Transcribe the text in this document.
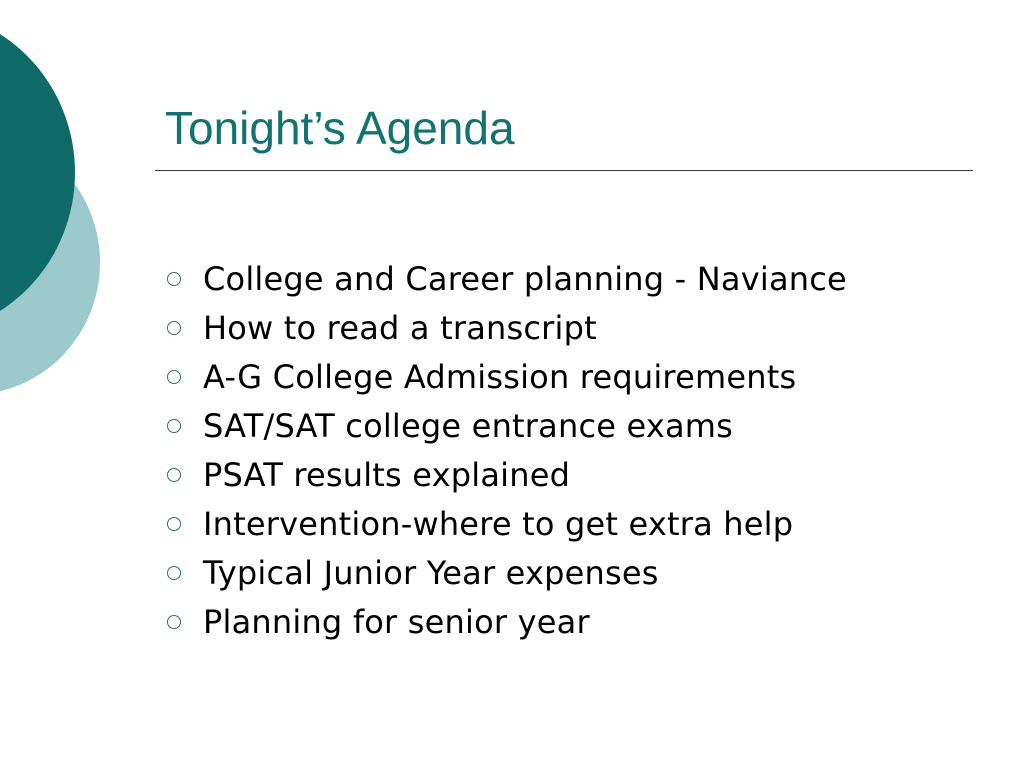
Tonight’s Agenda
College and Career planning - Naviance
How to read a transcript
A-G College Admission requirements
SAT/SAT college entrance exams
PSAT results explained
Intervention-where to get extra help
Typical Junior Year expenses
Planning for senior year
